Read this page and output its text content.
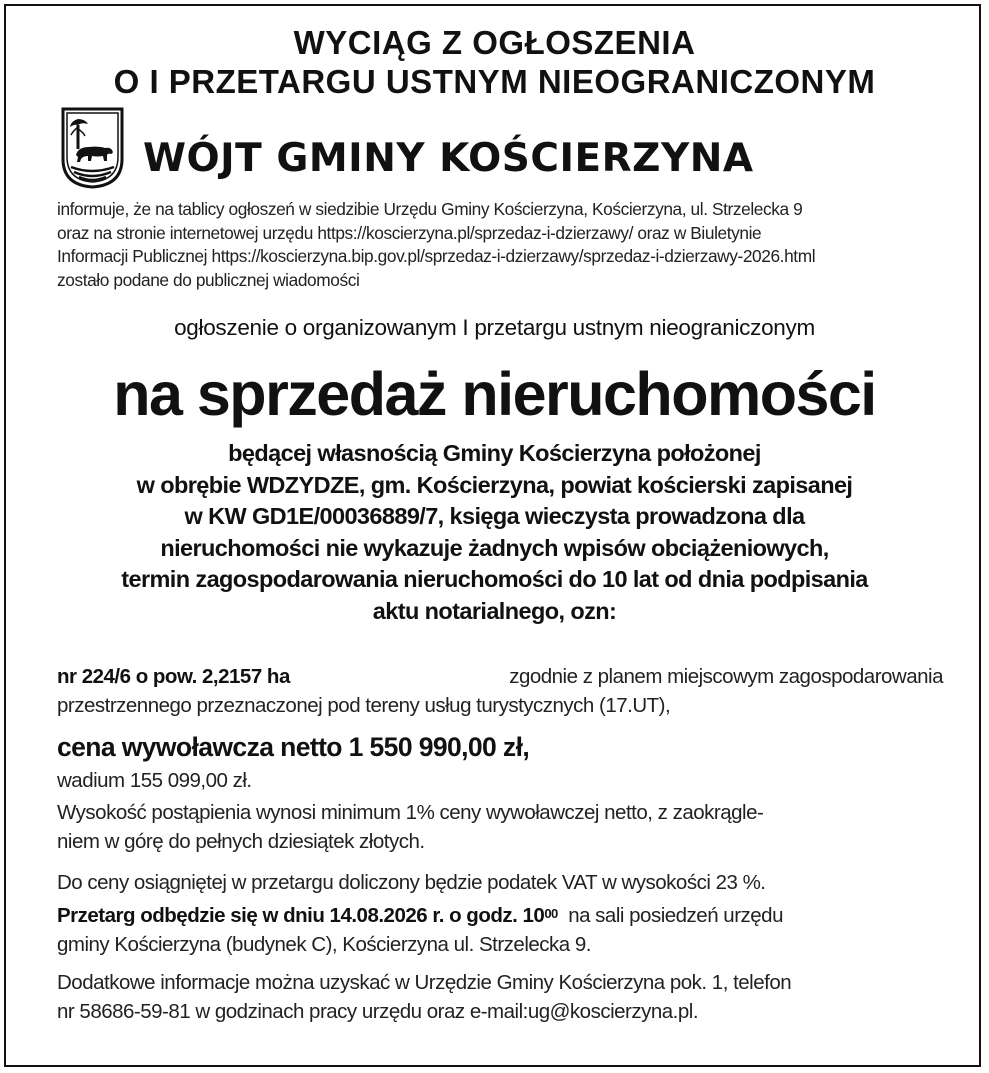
WYCIĄG Z OGŁOSZENIA
O I PRZETARGU USTNYM NIEOGRANICZONYM
WÓJT GMINY KOŚCIERZYNA
informuje, że na tablicy ogłoszeń w siedzibie Urzędu Gminy Kościerzyna, Kościerzyna, ul. Strzelecka 9
oraz na stronie internetowej urzędu https://koscierzyna.pl/sprzedaz-i-dzierzawy/ oraz w Biuletynie
Informacji Publicznej https://koscierzyna.bip.gov.pl/sprzedaz-i-dzierzawy/sprzedaz-i-dzierzawy-2026.html
zostało podane do publicznej wiadomości
ogłoszenie o organizowanym I przetargu ustnym nieograniczonym
na sprzedaż nieruchomości
będącej własnością Gminy Kościerzyna położonej
w obrębie WDZYDZE, gm. Kościerzyna, powiat kościerski zapisanej
w KW GD1E/00036889/7, księga wieczysta prowadzona dla
nieruchomości nie wykazuje żadnych wpisów obciążeniowych,
termin zagospodarowania nieruchomości do 10 lat od dnia podpisania
aktu notarialnego, ozn:
nr 224/6 o pow. 2,2157 ha	zgodnie z planem miejscowym zagospodarowania
przestrzennego przeznaczonej pod tereny usług turystycznych (17.UT),
cena wywoławcza netto 1 550 990,00 zł,
wadium 155 099,00 zł.
Wysokość postąpienia wynosi minimum 1% ceny wywoławczej netto, z zaokrągle-
niem w górę do pełnych dziesiątek złotych.
Do ceny osiągniętej w przetargu doliczony będzie podatek VAT w wysokości 23 %.
Przetarg odbędzie się w dniu 14.08.2026 r. o godz. $10^{00}$ na sali posiedzeń urzędu
gminy Kościerzyna (budynek C), Kościerzyna ul. Strzelecka 9.
Dodatkowe informacje można uzyskać w Urzędzie Gminy Kościerzyna pok. 1, telefon
nr 58686-59-81 w godzinach pracy urzędu oraz e-mail:ug@koscierzyna.pl.
